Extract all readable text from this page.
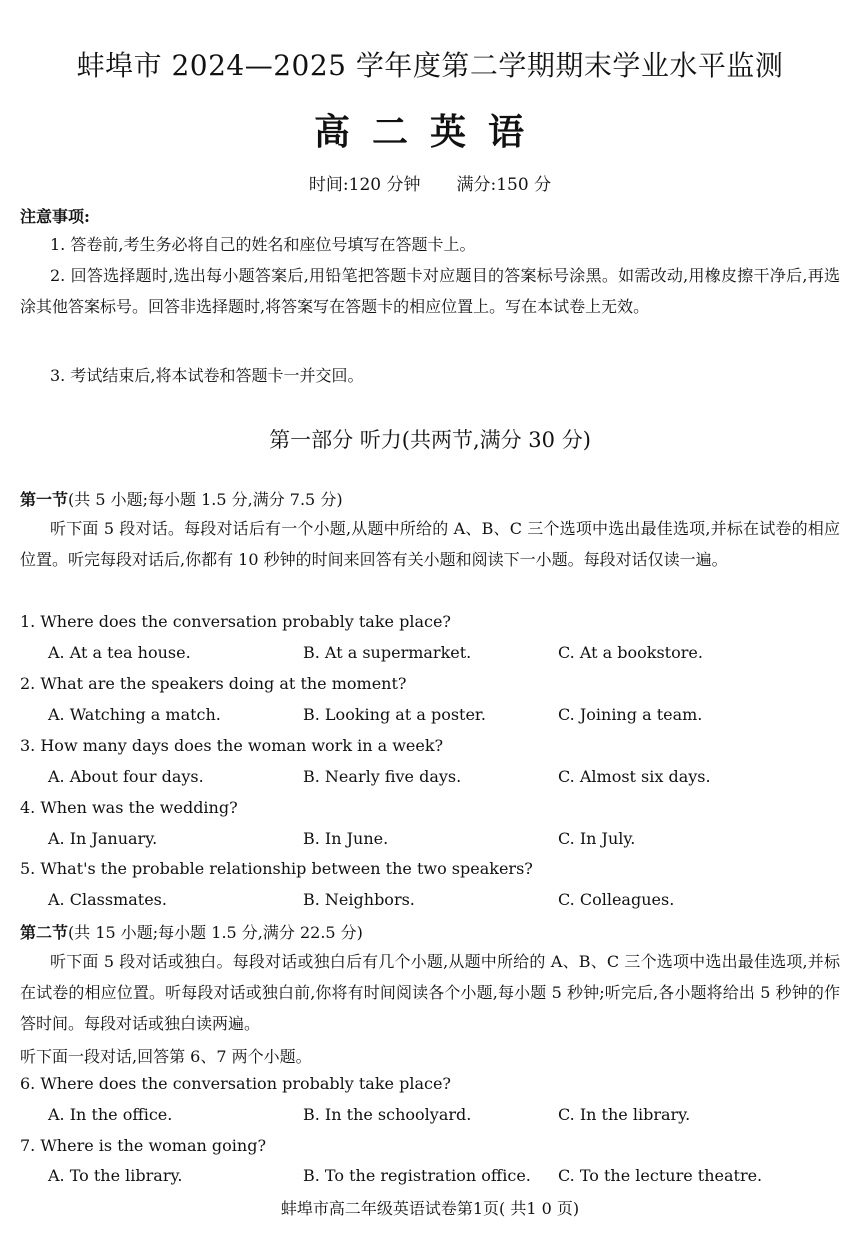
蚌埠市 2024—2025 学年度第二学期期末学业水平监测
高二英语
时间:120 分钟 满分:150 分
注意事项:
1. 答卷前,考生务必将自己的姓名和座位号填写在答题卡上。
2. 回答选择题时,选出每小题答案后,用铅笔把答题卡对应题目的答案标号涂黑。如需改动,用橡皮擦干净后,再选涂其他答案标号。回答非选择题时,将答案写在答题卡的相应位置上。写在本试卷上无效。
3. 考试结束后,将本试卷和答题卡一并交回。
第一部分 听力(共两节,满分 30 分)
第一节(共 5 小题;每小题 1.5 分,满分 7.5 分)
听下面 5 段对话。每段对话后有一个小题,从题中所给的 A、B、C 三个选项中选出最佳选项,并标在试卷的相应位置。听完每段对话后,你都有 10 秒钟的时间来回答有关小题和阅读下一小题。每段对话仅读一遍。
1. Where does the conversation probably take place?
A. At a tea house.	B. At a supermarket.	C. At a bookstore.
2. What are the speakers doing at the moment?
A. Watching a match.	B. Looking at a poster.	C. Joining a team.
3. How many days does the woman work in a week?
A. About four days.	B. Nearly five days.	C. Almost six days.
4. When was the wedding?
A. In January.	B. In June.	C. In July.
5. What's the probable relationship between the two speakers?
A. Classmates.	B. Neighbors.	C. Colleagues.
第二节(共 15 小题;每小题 1.5 分,满分 22.5 分)
听下面 5 段对话或独白。每段对话或独白后有几个小题,从题中所给的 A、B、C 三个选项中选出最佳选项,并标在试卷的相应位置。听每段对话或独白前,你将有时间阅读各个小题,每小题 5 秒钟;听完后,各小题将给出 5 秒钟的作答时间。每段对话或独白读两遍。
听下面一段对话,回答第 6、7 两个小题。
6. Where does the conversation probably take place?
A. In the office.	B. In the schoolyard.	C. In the library.
7. Where is the woman going?
A. To the library.	B. To the registration office. C. To the lecture theatre.
蚌埠市高二年级英语试卷第1页( 共1 0 页)
